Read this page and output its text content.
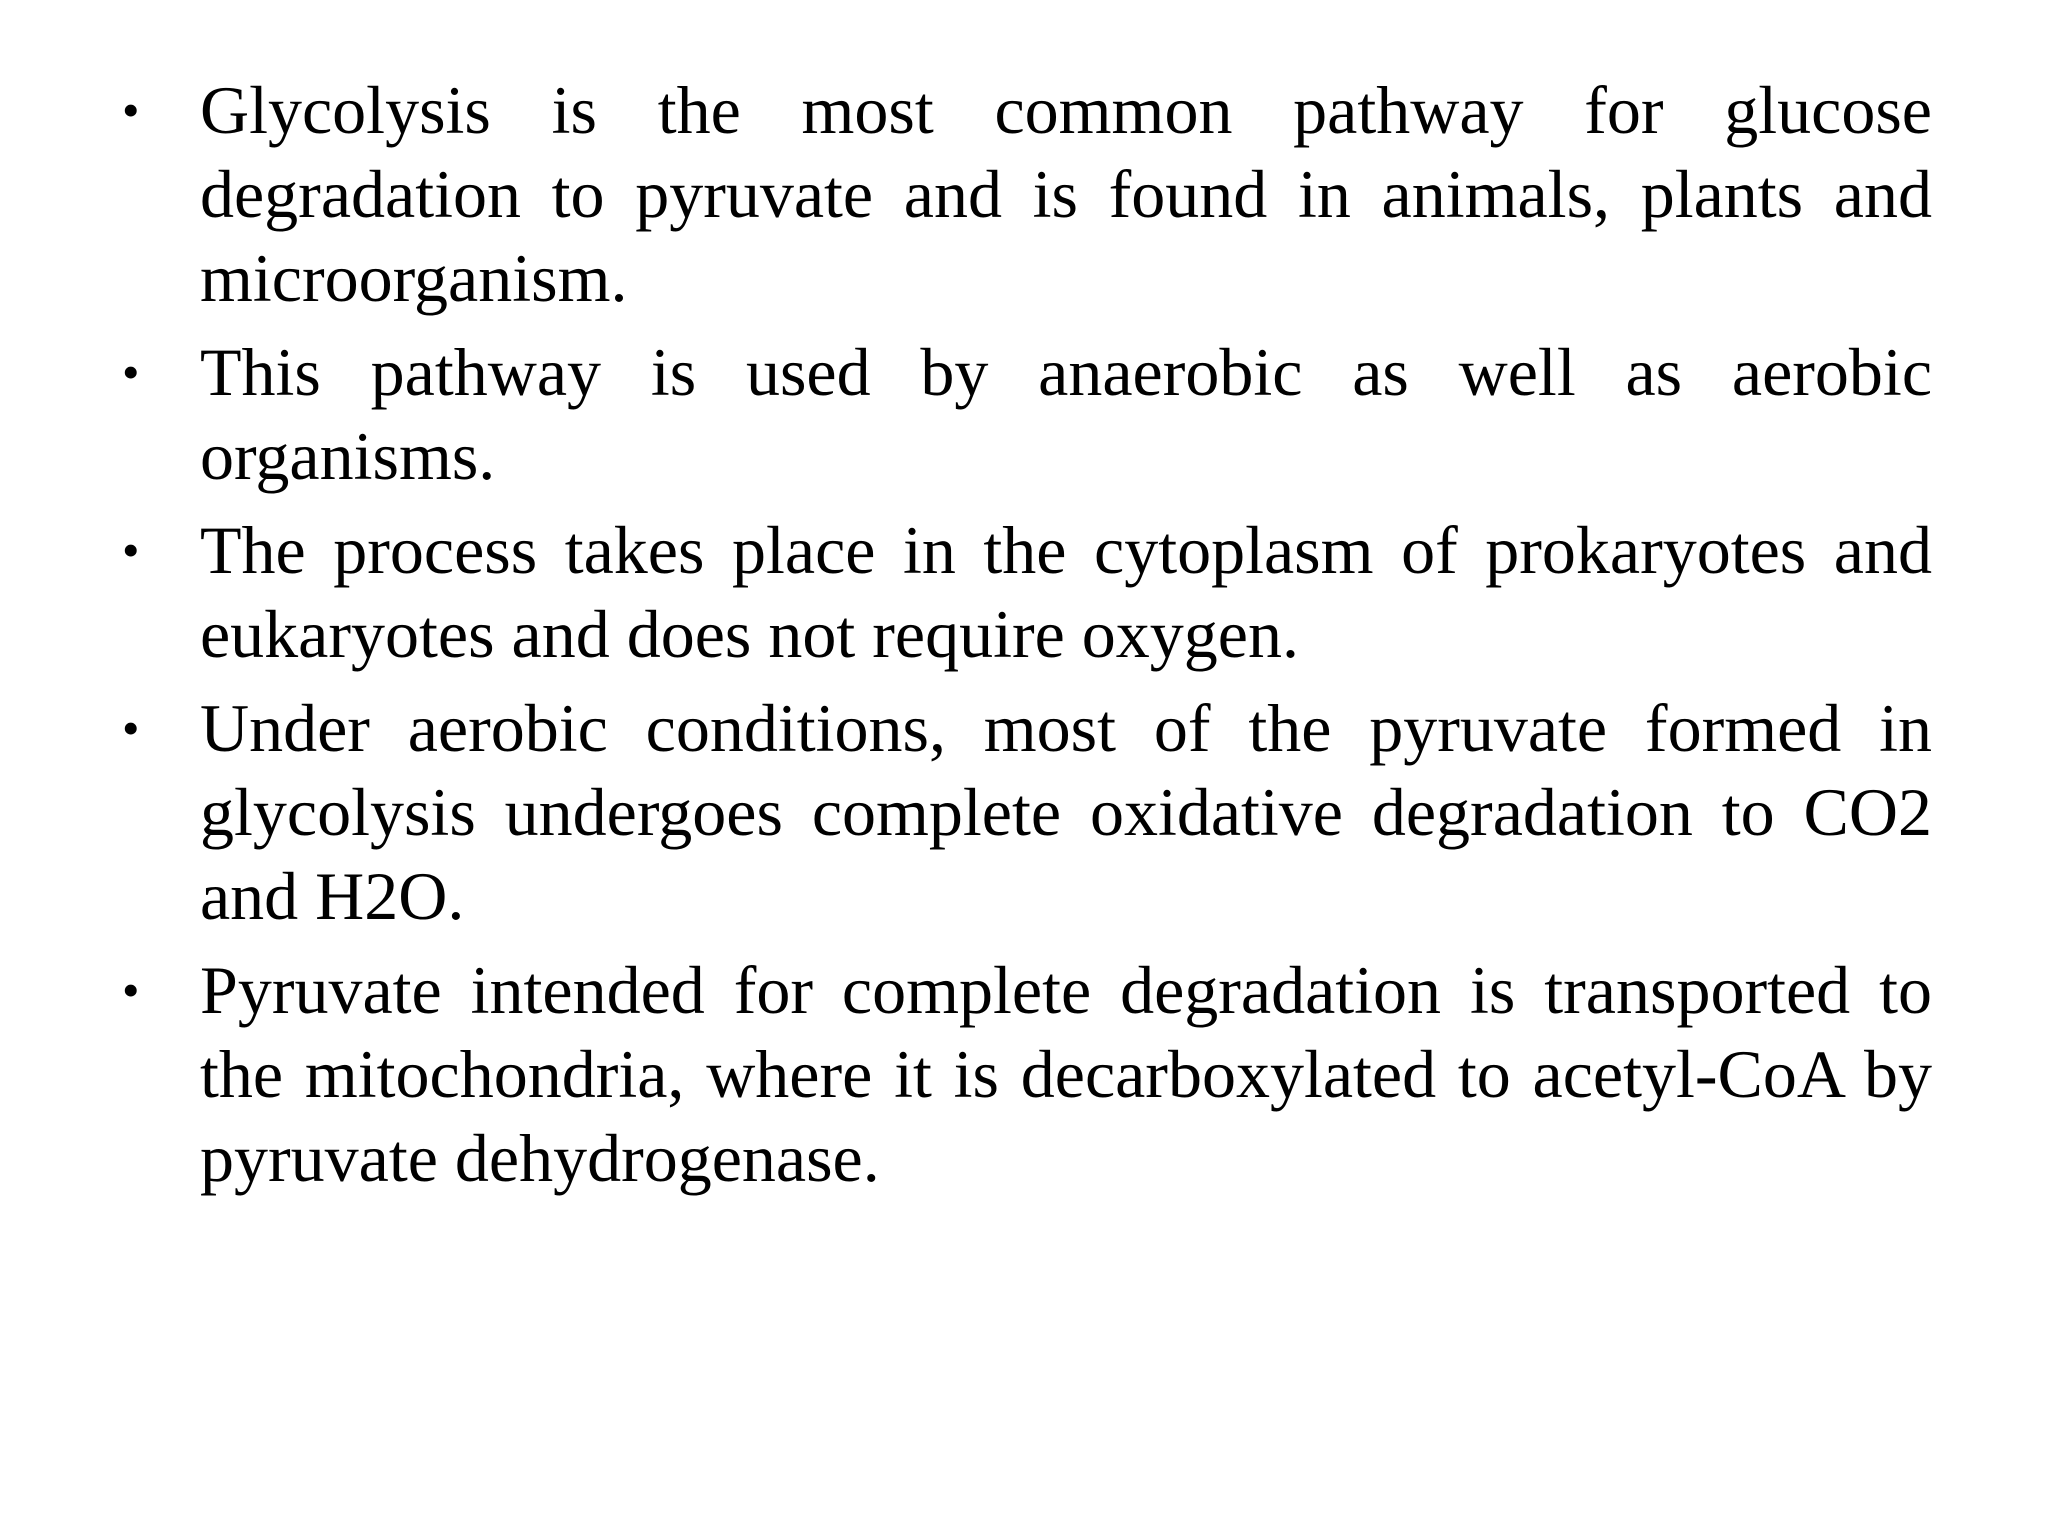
• Glycolysis is the most common pathway for glucose degradation to pyruvate and is found in animals, plants and microorganism.
• This pathway is used by anaerobic as well as aerobic organisms.
• The process takes place in the cytoplasm of prokaryotes and eukaryotes and does not require oxygen.
• Under aerobic conditions, most of the pyruvate formed in glycolysis undergoes complete oxidative degradation to CO2 and H2O.
• Pyruvate intended for complete degradation is transported to the mitochondria, where it is decarboxylated to acetyl-CoA by pyruvate dehydrogenase.
